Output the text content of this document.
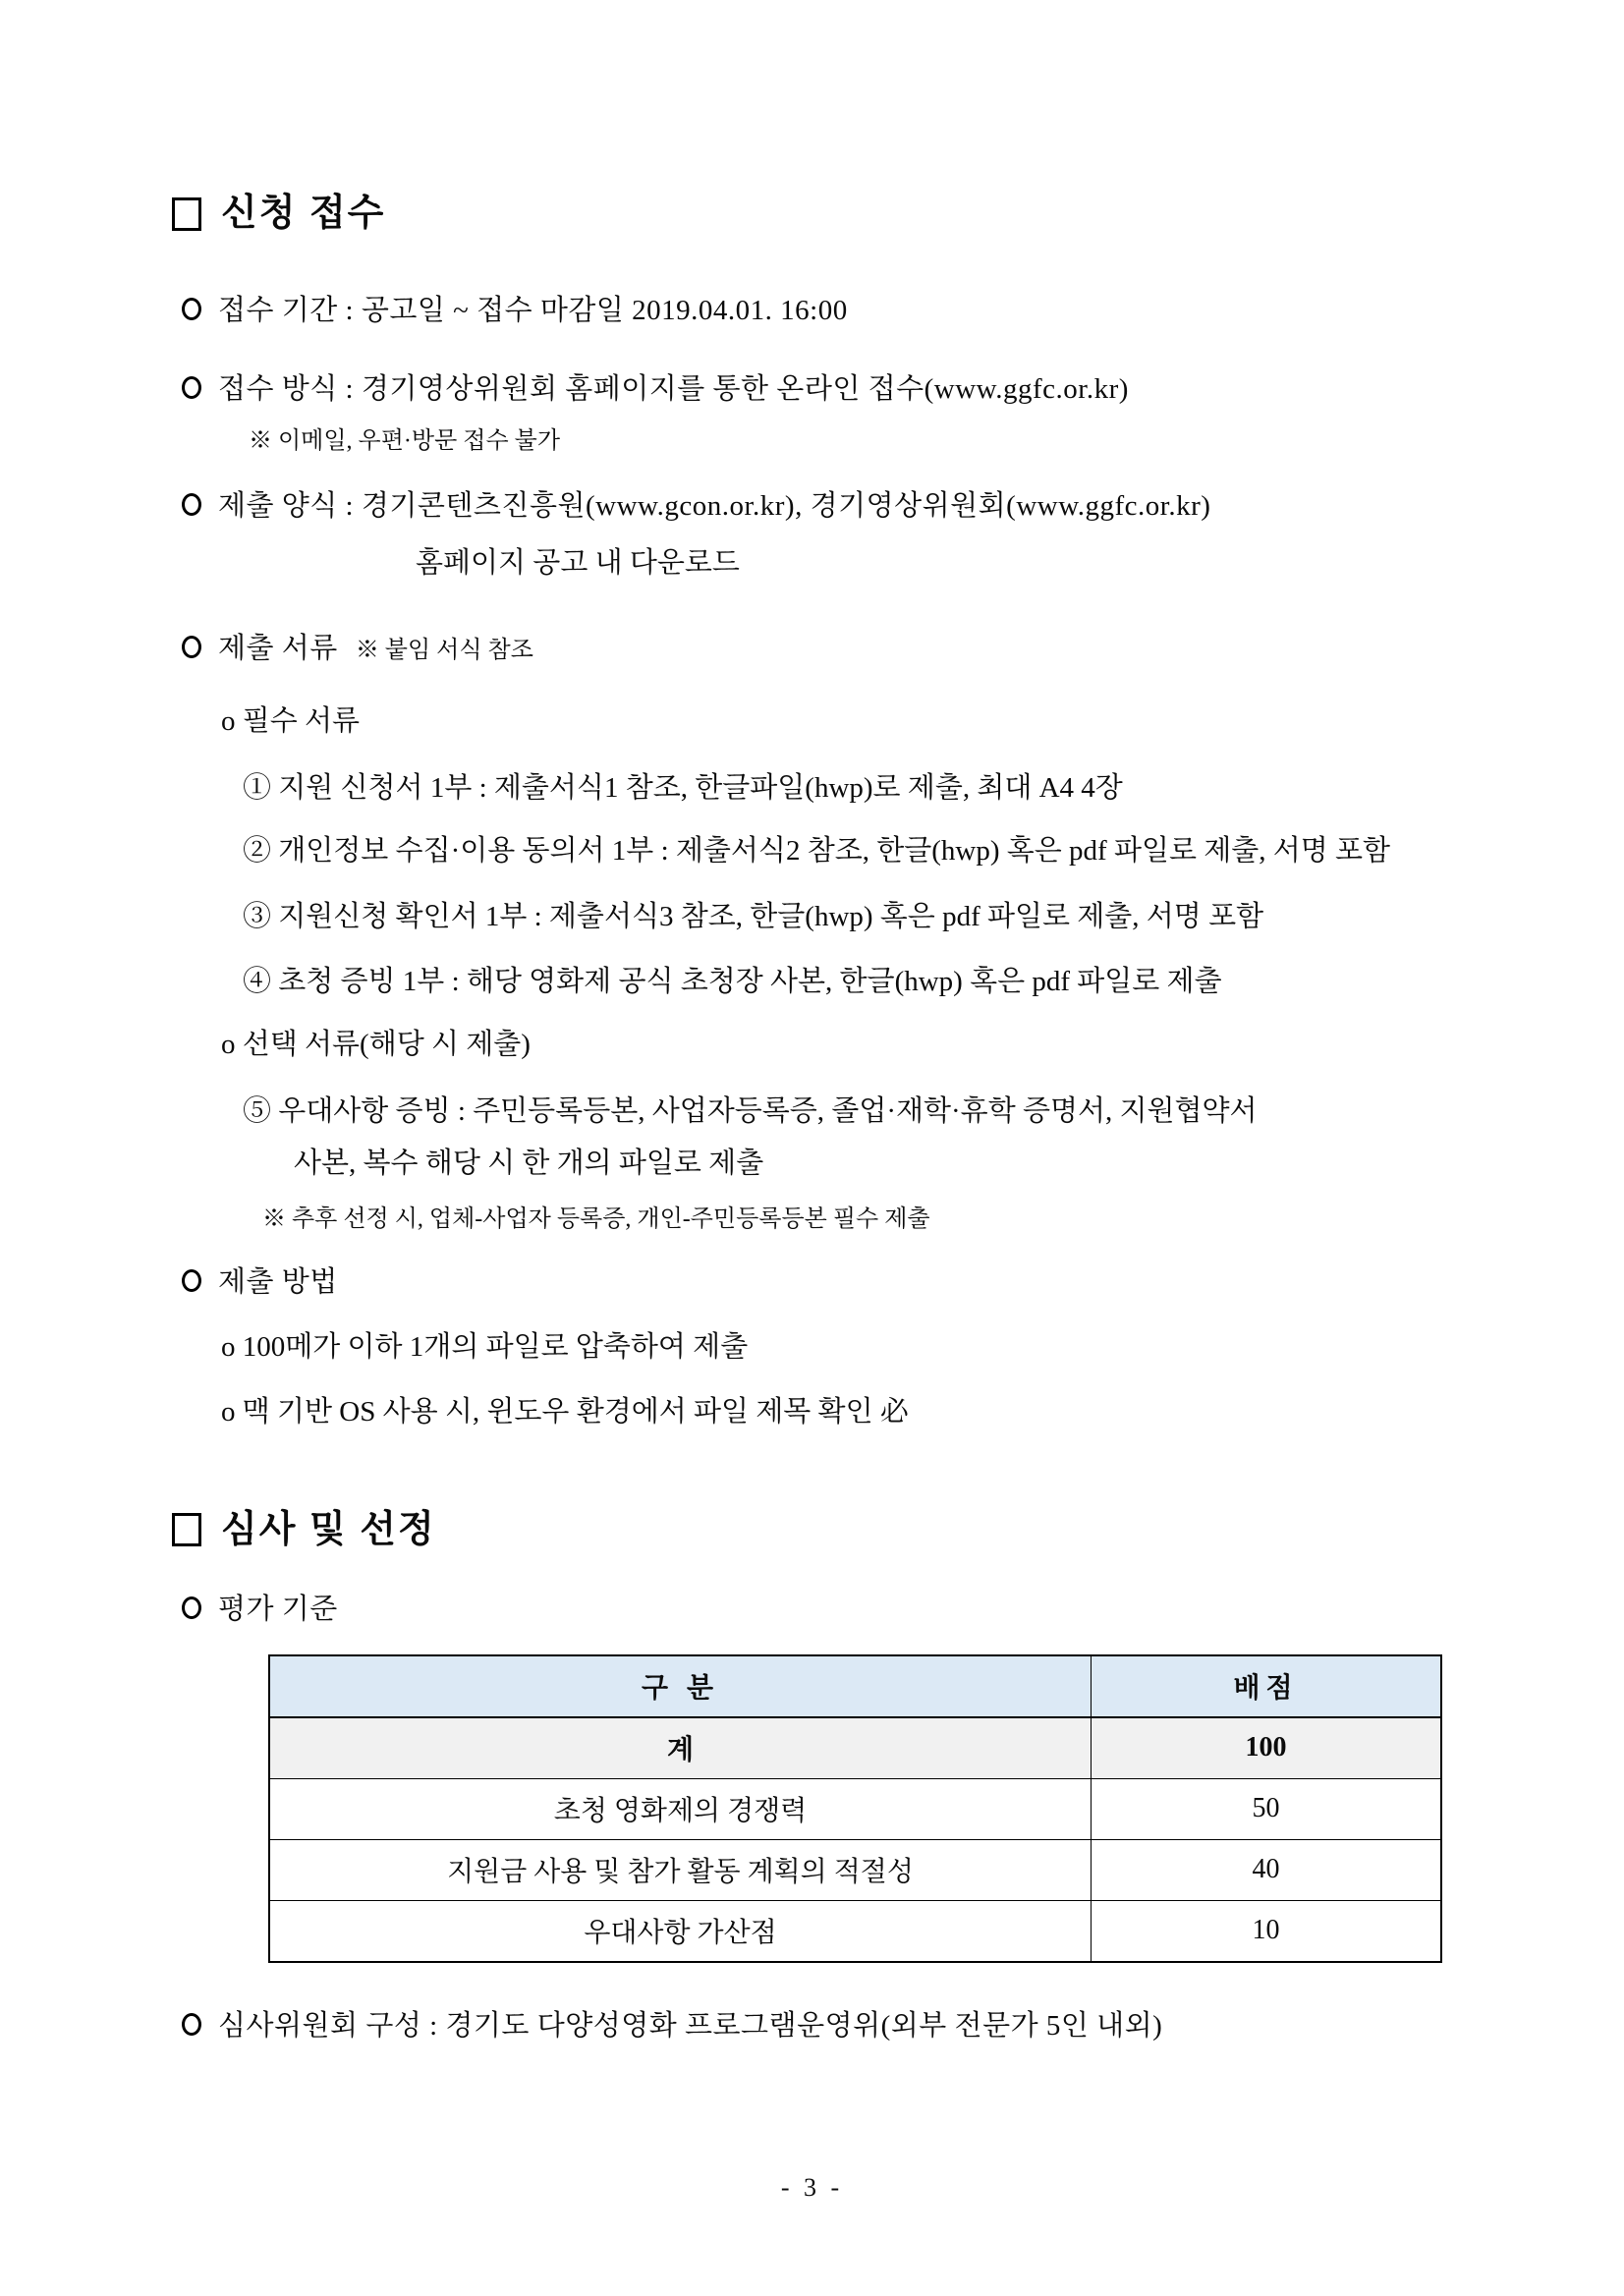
신청 접수
접수 기간 : 공고일 ~ 접수 마감일 2019.04.01. 16:00
접수 방식 : 경기영상위원회 홈페이지를 통한 온라인 접수(www.ggfc.or.kr)
※ 이메일, 우편·방문 접수 불가
제출 양식 : 경기콘텐츠진흥원(www.gcon.or.kr), 경기영상위원회(www.ggfc.or.kr)
홈페이지 공고 내 다운로드
제출 서류 ※ 붙임 서식 참조
o 필수 서류
① 지원 신청서 1부 : 제출서식1 참조, 한글파일(hwp)로 제출, 최대 A4 4장
② 개인정보 수집·이용 동의서 1부 : 제출서식2 참조, 한글(hwp) 혹은 pdf 파일로 제출, 서명 포함
③ 지원신청 확인서 1부 : 제출서식3 참조, 한글(hwp) 혹은 pdf 파일로 제출, 서명 포함
④ 초청 증빙 1부 : 해당 영화제 공식 초청장 사본, 한글(hwp) 혹은 pdf 파일로 제출
o 선택 서류(해당 시 제출)
⑤ 우대사항 증빙 : 주민등록등본, 사업자등록증, 졸업·재학·휴학 증명서, 지원협약서
사본, 복수 해당 시 한 개의 파일로 제출
※ 추후 선정 시, 업체-사업자 등록증, 개인-주민등록등본 필수 제출
제출 방법
o 100메가 이하 1개의 파일로 압축하여 제출
o 맥 기반 OS 사용 시, 윈도우 환경에서 파일 제목 확인 必
심사 및 선정
평가 기준
구 분	배점
계	100
초청 영화제의 경쟁력	50
지원금 사용 및 참가 활동 계획의 적절성	40
우대사항 가산점	10
심사위원회 구성 : 경기도 다양성영화 프로그램운영위(외부 전문가 5인 내외)
- 3 -
